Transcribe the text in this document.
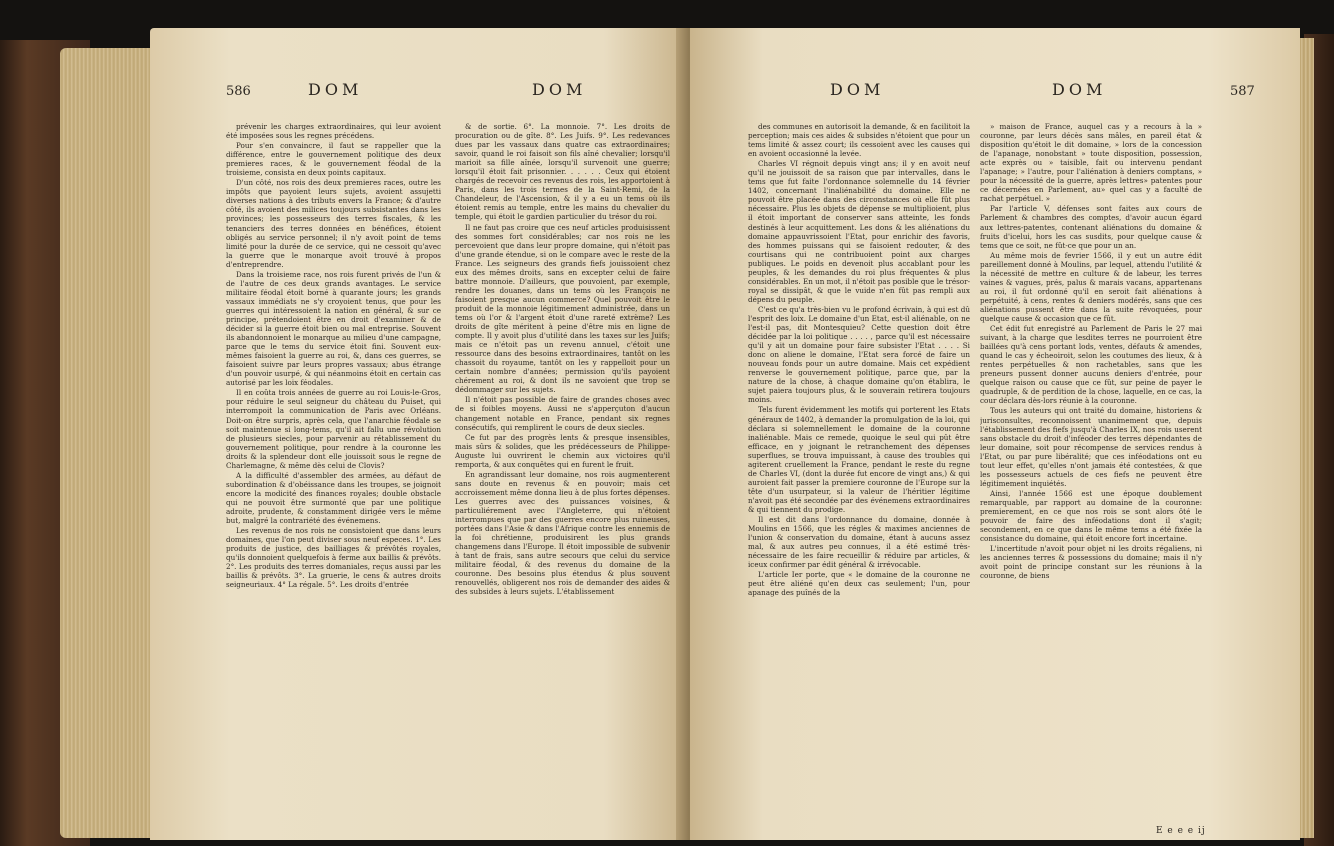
586	DOM	DOM

prévenir les charges extraordinaires, qui leur avoient été imposées sous les regnes précédens.

Pour s'en convaincre, il faut se rappeller que la différence, entre le gouvernement politique des deux premieres races, & le gouvernement féodal de la troisieme, consista en deux points capitaux.

D'un côté, nos rois des deux premieres races, outre les impôts que payoient leurs sujets, avoient assujetti diverses nations à des tributs envers la France; & d'autre côté, ils avoient des milices toujours subsistantes dans les provinces; les possesseurs des terres fiscales, & les tenanciers des terres données en bénéfices, étoient obligés au service personnel; il n'y avoit point de tems limité pour la durée de ce service, qui ne cessoit qu'avec la guerre que le monarque avoit trouvé à propos d'entreprendre.

Dans la troisieme race, nos rois furent privés de l'un & de l'autre de ces deux grands avantages. Le service militaire féodal étoit borné à quarante jours; les grands vassaux immédiats ne s'y croyoient tenus, que pour les guerres qui intéressoient la nation en général, & sur ce principe, prétendoient être en droit d'examiner & de décider si la guerre étoit bien ou mal entreprise. Souvent ils abandonnoient le monarque au milieu d'une campagne, parce que le tems du service étoit fini. Souvent eux-mêmes faisoient la guerre au roi, &, dans ces guerres, se faisoient suivre par leurs propres vassaux; abus étrange d'un pouvoir usurpé, & qui néanmoins étoit en certain cas autorisé par les loix féodales.

Il en coûta trois années de guerre au roi Louis-le-Gros, pour réduire le seul seigneur du château du Puiset, qui interrompoit la communication de Paris avec Orléans. Doit-on être surpris, après cela, que l'anarchie féodale se soit maintenue si long-tems, qu'il ait fallu une révolution de plusieurs siecles, pour parvenir au rétablissement du gouvernement politique, pour rendre à la couronne les droits & la splendeur dont elle jouissoit sous le regne de Charlemagne, & même dès celui de Clovis?

A la difficulté d'assembler des armées, au défaut de subordination & d'obéissance dans les troupes, se joignoit encore la modicité des finances royales; double obstacle qui ne pouvoit être surmonté que par une politique adroite, prudente, & constamment dirigée vers le même but, malgré la contrariété des événemens.

Les revenus de nos rois ne consistoient que dans leurs domaines, que l'on peut diviser sous neuf especes. 1°. Les produits de justice, des bailliages & prévôtés royales, qu'ils donnoient quelquefois à ferme aux baillis & prévôts. 2°. Les produits des terres domaniales, reçus aussi par les baillis & prévôts. 3°. La gruerie, le cens & autres droits seigneuriaux. 4° La régale. 5°. Les droits d'entrée

& de sortie. 6°. La monnoie. 7°. Les droits de procuration ou de gîte. 8°. Les Juifs. 9°. Les redevances dues par les vassaux dans quatre cas extraordinaires; savoir, quand le roi faisoit son fils aîné chevalier; lorsqu'il marioit sa fille aînée, lorsqu'il survenoit une guerre; lorsqu'il étoit fait prisonnier. . . . . . Ceux qui étoient chargés de recevoir ces revenus des rois, les apportoient à Paris, dans les trois termes de la Saint-Remi, de la Chandeleur, de l'Ascension, & il y a eu un tems où ils étoient remis au temple, entre les mains du chevalier du temple, qui étoit le gardien particulier du trésor du roi.

Il ne faut pas croire que ces neuf articles produisissent des sommes fort considérables; car nos rois ne les percevoient que dans leur propre domaine, qui n'étoit pas d'une grande étendue, si on le compare avec le reste de la France. Les seigneurs des grands fiefs jouissoient chez eux des mêmes droits, sans en excepter celui de faire battre monnoie. D'ailleurs, que pouvoient, par exemple, rendre les douanes, dans un tems où les François ne faisoient presque aucun commerce? Quel pouvoit être le produit de la monnoie légitimement administrée, dans un tems où l'or & l'argent étoit d'une rareté extrème? Les droits de gîte méritent à peine d'être mis en ligne de compte. Il y avoit plus d'utilité dans les taxes sur les Juifs; mais ce n'étoit pas un revenu annuel, c'étoit une ressource dans des besoins extraordinaires, tantôt on les chassoit du royaume, tantôt on les y rappelloit pour un certain nombre d'années; permission qu'ils payoient chérement au roi, & dont ils ne savoient que trop se dédommager sur les sujets.

Il n'étoit pas possible de faire de grandes choses avec de si foibles moyens. Aussi ne s'apperçuton d'aucun changement notable en France, pendant six regnes consécutifs, qui remplirent le cours de deux siecles.

Ce fut par des progrès lents & presque insensibles, mais sûrs & solides, que les prédécesseurs de Philippe-Auguste lui ouvrirent le chemin aux victoires qu'il remporta, & aux conquêtes qui en furent le fruit.

En agrandissant leur domaine, nos rois augmenterent sans doute en revenus & en pouvoir; mais cet accroissement même donna lieu à de plus fortes dépenses. Les guerres avec des puissances voisines, & particuliérement avec l'Angleterre, qui n'étoient interrompues que par des guerres encore plus ruineuses, portées dans l'Asie & dans l'Afrique contre les ennemis de la foi chrétienne, produisirent les plus grands changemens dans l'Europe. Il étoit impossible de subvenir à tant de frais, sans autre secours que celui du service militaire féodal, & des revenus du domaine de la couronne. Des besoins plus étendus & plus souvent renouvellés, obligerent nos rois de demander des aides & des subsides à leurs sujets. L'établissement

DOM	DOM	587

des communes en autorisoit la demande, & en facilitoit la perception; mais ces aides & subsides n'étoient que pour un tems limité & assez court; ils cessoient avec les causes qui en avoient occasionné la levée.

Charles VI régnoit depuis vingt ans; il y en avoit neuf qu'il ne jouissoit de sa raison que par intervalles, dans le tems que fut faite l'ordonnance solemnelle du 14 février 1402, concernant l'inaliénabilité du domaine. Elle ne pouvoit être placée dans des circonstances où elle fût plus nécessaire. Plus les objets de dépense se multiplioient, plus il étoit important de conserver sans atteinte, les fonds destinés à leur acquittement. Les dons & les aliénations du domaine appauvrissoient l'Etat, pour enrichir des favoris, des hommes puissans qui se faisoient redouter, & des courtisans qui ne contribuoient point aux charges publiques. Le poids en devenoit plus accablant pour les peuples, & les demandes du roi plus fréquentes & plus considérables. En un mot, il n'étoit pas posible que le trésor-royal se dissipât, & que le vuide n'en fût pas rempli aux dépens du peuple.

C'est ce qu'a très-bien vu le profond écrivain, à qui est dû l'esprit des loix. Le domaine d'un Etat, est-il aliénable, on ne l'est-il pas, dit Montesquieu? Cette question doit être décidée par la loi politique . . . . , parce qu'il est nécessaire qu'il y ait un domaine pour faire subsister l'Etat . . . . Si donc on aliene le domaine, l'Etat sera forcé de faire un nouveau fonds pour un autre domaine. Mais cet expédient renverse le gouvernement politique, parce que, par la nature de la chose, à chaque domaine qu'on établira, le sujet paiera toujours plus, & le souverain retirera toujours moins.

Tels furent évidemment les motifs qui porterent les Etats généraux de 1402, à demander la promulgation de la loi, qui déclara si solemnellement le domaine de la couronne inaliénable. Mais ce remede, quoique le seul qui pût être efficace, en y joignant le retranchement des dépenses superflues, se trouva impuissant, à cause des troubles qui agiterent cruellement la France, pendant le reste du regne de Charles VI, (dont la durée fut encore de vingt ans,) & qui auroient fait passer la premiere couronne de l'Europe sur la tête d'un usurpateur, si la valeur de l'héritier légitime n'avoit pas été secondée par des événemens extraordinaires & qui tiennent du prodige.

Il est dit dans l'ordonnance du domaine, donnée à Moulins en 1566, que les régles & maximes anciennes de l'union & conservation du domaine, étant à aucuns assez mal, & aux autres peu connues, il a été estimé très-nécessaire de les faire recueillir & réduire par articles, & iceux confirmer par édit général & irrévocable.

L'article Ier porte, que « le domaine de la couronne ne peut être aliéné qu'en deux cas seulement; l'un, pour apanage des puînés de la

» maison de France, auquel cas y a recours à la » couronne, par leurs décès sans mâles, en pareil état & disposition qu'étoit le dit domaine, » lors de la concession de l'apanage, nonobstant » toute disposition, possession, acte exprès ou » taisible, fait ou intervenu pendant l'apanage; » l'autre, pour l'aliénation à deniers comptans, » pour la nécessité de la guerre, après lettres» patentes pour ce décernées en Parlement, au» quel cas y a faculté de rachat perpétuel. »

Par l'article V, défenses sont faites aux cours de Parlement & chambres des comptes, d'avoir aucun égard aux lettres-patentes, contenant aliénations du domaine & fruits d'icelui, hors les cas susdits, pour quelque cause & tems que ce soit, ne fût-ce que pour un an.

Au même mois de fevrier 1566, il y eut un autre édit pareillement donné à Moulins, par lequel, attendu l'utilité & la nécessité de mettre en culture & de labeur, les terres vaines & vagues, prés, palus & marais vacans, appartenans au roi, il fut ordonné qu'il en seroit fait aliénations à perpétuité, à cens, rentes & deniers modérés, sans que ces aliénations pussent être dans la suite révoquées, pour quelque cause & occasion que ce fût.

Cet édit fut enregistré au Parlement de Paris le 27 mai suivant, à la charge que lesdites terres ne pourroient être baillées qu'à cens portant lods, ventes, défauts & amendes, quand le cas y écheoiroit, selon les coutumes des lieux, & à rentes perpétuelles & non rachetables, sans que les preneurs pussent donner aucuns deniers d'entrée, pour quelque raison ou cause que ce fût, sur peine de payer le quadruple, & de perdition de la chose, laquelle, en ce cas, la cour déclara dès-lors réunie à la couronne.

Tous les auteurs qui ont traité du domaine, historiens & jurisconsultes, reconnoissent unanimement que, depuis l'établissement des fiefs jusqu'à Charles IX, nos rois userent sans obstacle du droit d'inféoder des terres dépendantes de leur domaine, soit pour récompense de services rendus à l'Etat, ou par pure libéralité; que ces inféodations ont eu tout leur effet, qu'elles n'ont jamais été contestées, & que les possesseurs actuels de ces fiefs ne peuvent être légitimement inquiétés.

Ainsi, l'année 1566 est une époque doublement remarquable, par rapport au domaine de la couronne: premierement, en ce que nos rois se sont alors ôté le pouvoir de faire des inféodations dont il s'agit; secondement, en ce que dans le même tems a été fixée la consistance du domaine, qui étoit encore fort incertaine.

L'incertitude n'avoit pour objet ni les droits régaliens, ni les anciennes terres & possessions du domaine; mais il n'y avoit point de principe constant sur les réunions à la couronne, de biens

E e e e ij
